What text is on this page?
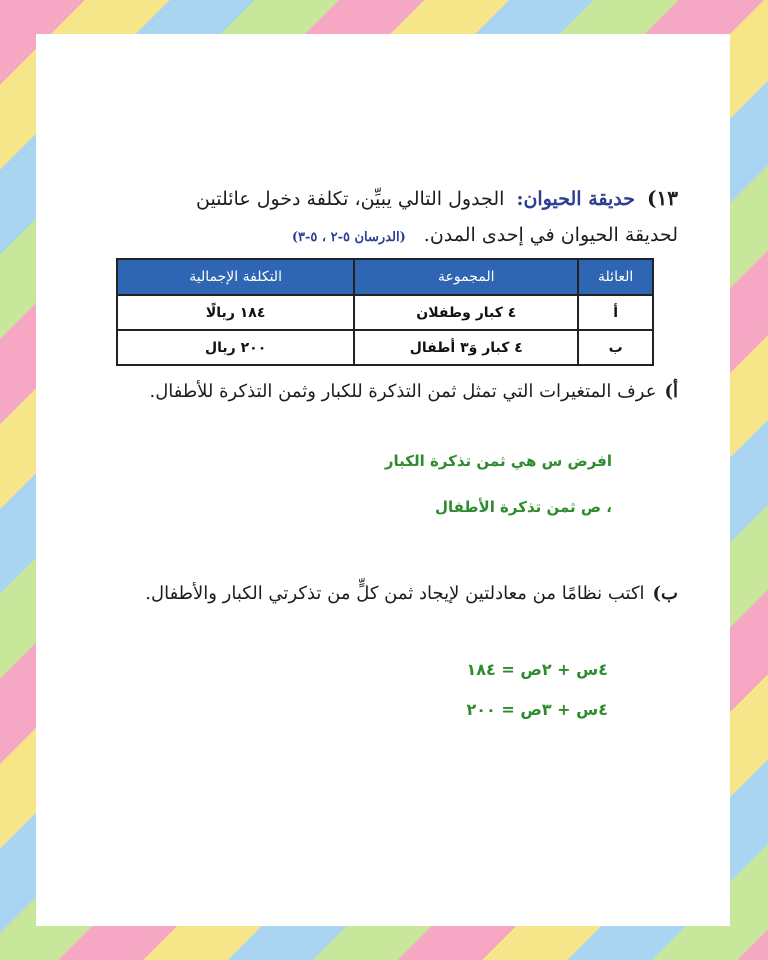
١٣) حديقة الحيوان: الجدول التالي يبيِّن، تكلفة دخول عائلتين
لحديقة الحيوان في إحدى المدن. (الدرسان ٥-٢ ، ٥-٣)
العائلة	المجموعة	التكلفة الإجمالية
أ	٤ كبار وطفلان	١٨٤ ريالًا
ب	٤ كبار وَ٣ أطفال	٢٠٠ ريال
أ)عرف المتغيرات التي تمثل ثمن التذكرة للكبار وثمن التذكرة للأطفال.
افرض س هي ثمن تذكرة الكبار
، ص ثمن تذكرة الأطفال
ب)اكتب نظامًا من معادلتين لإيجاد ثمن كلٍّ من تذكرتي الكبار والأطفال.
٤س + ٢ص = ١٨٤
٤س + ٣ص = ٢٠٠
